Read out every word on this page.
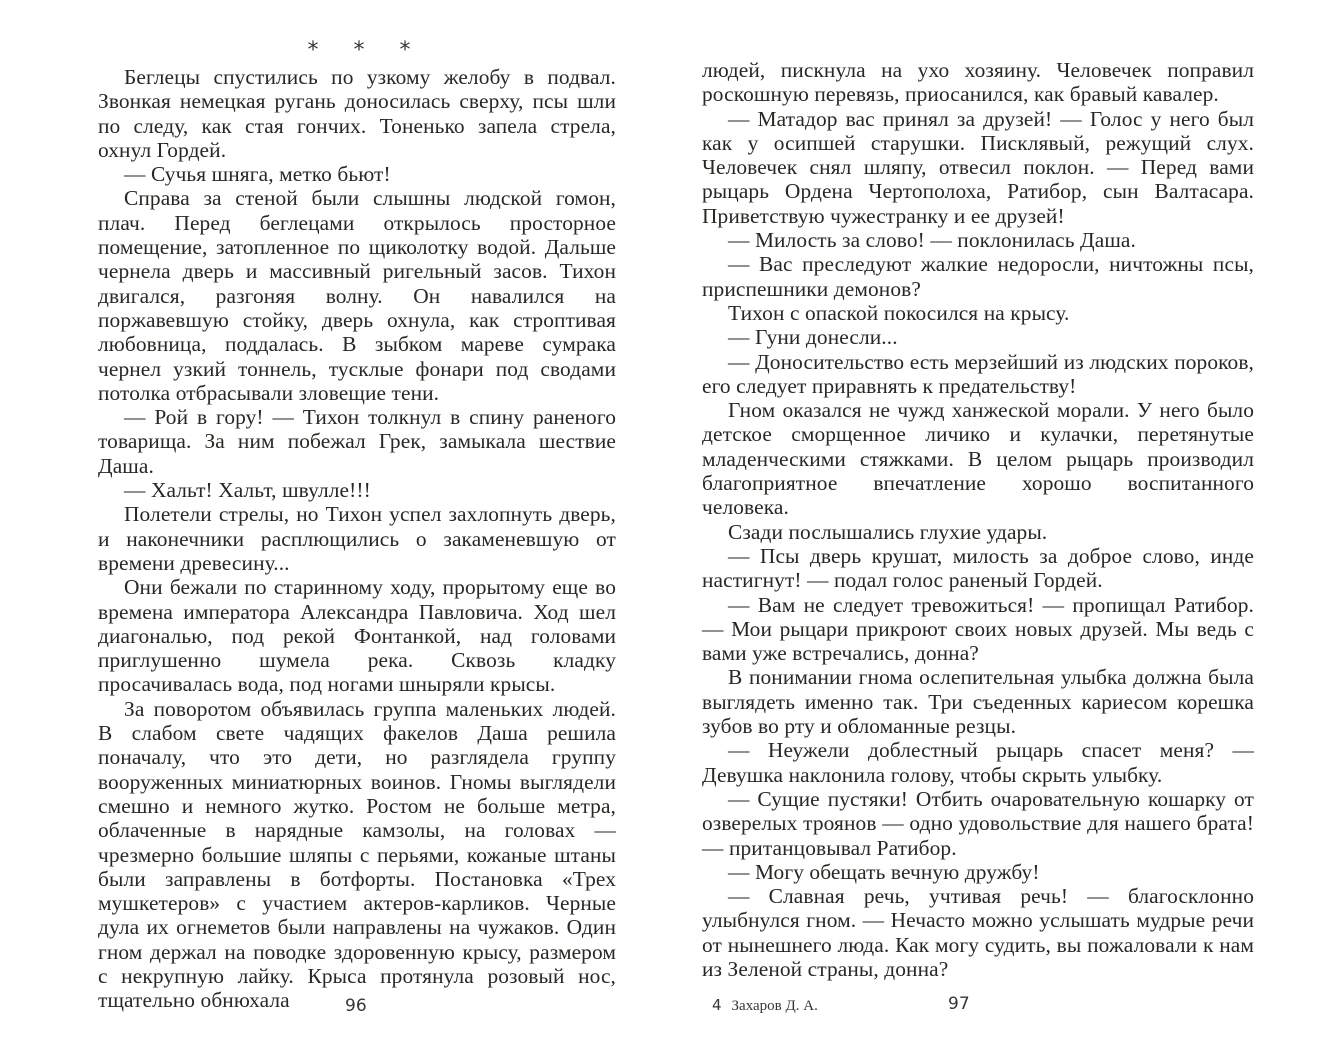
* * *

Беглецы спустились по узкому желобу в подвал. Звонкая немецкая ругань доносилась сверху, псы шли по следу, как стая гончих. Тоненько запела стрела, охнул Гордей.

— Сучья шняга, метко бьют!

Справа за стеной были слышны людской гомон, плач. Перед беглецами открылось просторное помещение, затопленное по щиколотку водой. Дальше чернела дверь и массивный ригельный засов. Тихон двигался, разгоняя волну. Он навалился на поржавевшую стойку, дверь охнула, как строптивая любовница, поддалась. В зыбком мареве сумрака чернел узкий тоннель, тусклые фонари под сводами потолка отбрасывали зловещие тени.

— Рой в гору! — Тихон толкнул в спину раненого товарища. За ним побежал Грек, замыкала шествие Даша.

— Хальт! Хальт, швулле!!!

Полетели стрелы, но Тихон успел захлопнуть дверь, и наконечники расплющились о закаменевшую от времени древесину...

Они бежали по старинному ходу, прорытому еще во времена императора Александра Павловича. Ход шел диагональю, под рекой Фонтанкой, над головами приглушенно шумела река. Сквозь кладку просачивалась вода, под ногами шныряли крысы.

За поворотом объявилась группа маленьких людей. В слабом свете чадящих факелов Даша решила поначалу, что это дети, но разглядела группу вооруженных миниатюрных воинов. Гномы выглядели смешно и немного жутко. Ростом не больше метра, облаченные в нарядные камзолы, на головах — чрезмерно большие шляпы с перьями, кожаные штаны были заправлены в ботфорты. Постановка «Трех мушкетеров» с участием актеров-карликов. Черные дула их огнеметов были направлены на чужаков. Один гном держал на поводке здоровенную крысу, размером с некрупную лайку. Крыса протянула розовый нос, тщательно обнюхала	96

людей, пискнула на ухо хозяину. Человечек поправил роскошную перевязь, приосанился, как бравый кавалер.

— Матадор вас принял за друзей! — Голос у него был как у осипшей старушки. Писклявый, режущий слух. Человечек снял шляпу, отвесил поклон. — Перед вами рыцарь Ордена Чертополоха, Ратибор, сын Валтасара. Приветствую чужестранку и ее друзей!

— Милость за слово! — поклонилась Даша.

— Вас преследуют жалкие недоросли, ничтожны псы, приспешники демонов?

Тихон с опаской покосился на крысу.

— Гуни донесли...

— Доносительство есть мерзейший из людских пороков, его следует приравнять к предательству!

Гном оказался не чужд ханжеской морали. У него было детское сморщенное личико и кулачки, перетянутые младенческими стяжками. В целом рыцарь производил благоприятное впечатление хорошо воспитанного человека.

Сзади послышались глухие удары.

— Псы дверь крушат, милость за доброе слово, инде настигнут! — подал голос раненый Гордей.

— Вам не следует тревожиться! — пропищал Ратибор. — Мои рыцари прикроют своих новых друзей. Мы ведь с вами уже встречались, донна?

В понимании гнома ослепительная улыбка должна была выглядеть именно так. Три съеденных кариесом корешка зубов во рту и обломанные резцы.

— Неужели доблестный рыцарь спасет меня? — Девушка наклонила голову, чтобы скрыть улыбку.

— Сущие пустяки! Отбить очаровательную кошарку от озверелых троянов — одно удовольствие для нашего брата! — пританцовывал Ратибор.

— Могу обещать вечную дружбу!

— Славная речь, учтивая речь! — благосклонно улыбнулся гном. — Нечасто можно услышать мудрые речи от нынешнего люда. Как могу судить, вы пожаловали к нам из Зеленой страны, донна?

4 Захаров Д. А.	97
